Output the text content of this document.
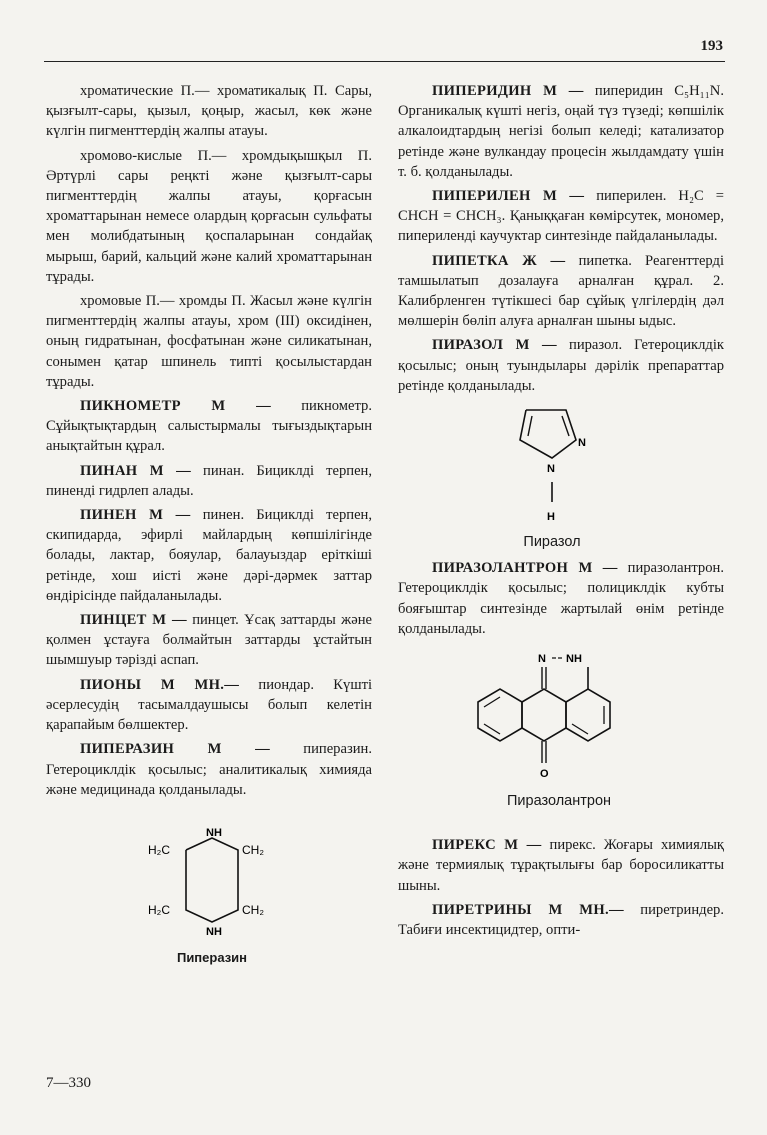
193

хроматические П.— хроматикалық П. Сары, қызғылт-сары, қызыл, қоңыр, жасыл, көк және күлгін пигменттердің жалпы атауы.

хромово-кислые П.— хромдықышқыл П. Әртүрлі сары реңкті және қызғылт-сары пигменттердің жалпы атауы, қорғасын хроматтарынан немесе олардың қорғасын сульфаты мен молибдатының қоспаларынан сондайақ мырыш, барий, кальций және калий хроматтарынан тұрады.

хромовые П.— хромды П. Жасыл және күлгін пигменттердің жалпы атауы, хром (III) оксидінен, оның гидратынан, фосфатынан және силикатынан, сонымен қатар шпинель типті қосылыстардан тұрады.

ПИКНОМЕТР М — пикнометр. Сұйықтықтардың салыстырмалы тығыздықтарын анықтайтын құрал.

ПИНАН М — пинан. Бициклді терпен, пиненді гидрлеп алады.

ПИНЕН М — пинен. Бициклді терпен, скипидарда, эфирлі майлардың көпшілігінде болады, лактар, бояулар, балауыздар еріткіші ретінде, хош иісті және дәрі-дәрмек заттар өндірісінде пайдаланылады.

ПИНЦЕТ М — пинцет. Ұсақ заттарды және қолмен ұстауға болмайтын заттарды ұстайтын шымшуыр тәрізді аспап.

ПИОНЫ М МН.— пиондар. Күшті әсерлесудің тасымалдаушысы болып келетін қарапайым бөлшектер.

ПИПЕРАЗИН М — пиперазин. Гетероциклдік қосылыс; аналитикалық химияда және медицинада қолданылады.

NH
NH
H₂C	CH₂
H₂C	CH₂
Пиперазин

ПИПЕРИДИН М — пиперидин C₅H₁₁N. Органикалық күшті негіз, оңай түз түзеді; көпшілік алкалоидтардың негізі болып келеді; катализатор ретінде және вулкандау процесін жылдамдату үшін т. б. қолданылады.

ПИПЕРИЛЕН М — пиперилен. H₂C = CHCH = CHCH₃. Қаныққаған көмірсутек, мономер, пипериленді каучуктар синтезінде пайдаланылады.

ПИПЕТКА Ж — пипетка. Реагенттерді тамшылатып дозалауға арналған құрал. 2. Калибрленген түтікшесі бар сұйық үлгілердің дәл мөлшерін бөліп алуға арналған шыны ыдыс.

ПИРАЗОЛ М — пиразол. Гетероциклдік қосылыс; оның туындылары дәрілік препараттар ретінде қолданылады.

N
N
H
Пиразол

ПИРАЗОЛАНТРОН М — пиразолантрон. Гетероциклдік қосылыс; полициклдік кубты бояғыштар синтезінде жартылай өнім ретінде қолданылады.

N NH
O
Пиразолантрон

ПИРЕКС М — пирекс. Жоғары химиялық және термиялық тұрақтылығы бар боросиликатты шыны.

ПИРЕТРИНЫ М МН.— пиретриндер. Табиғи инсектицидтер, опти-

7—330
